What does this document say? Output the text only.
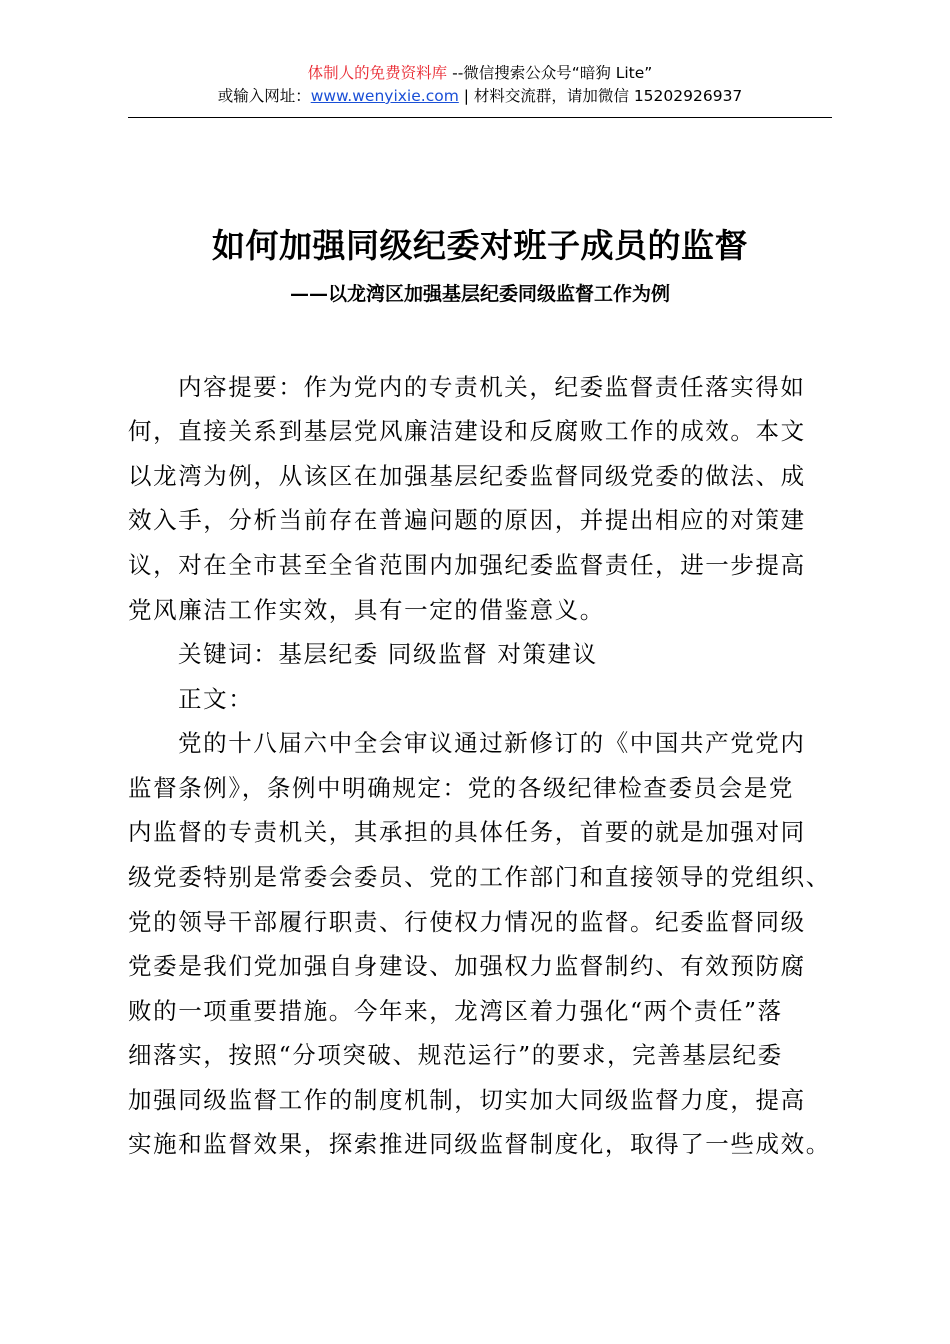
体制人的免费资料库 --微信搜索公众号“暗狗 Lite”
或输入网址：www.wenyixie.com | 材料交流群，请加微信 15202926937
如何加强同级纪委对班子成员的监督
——以龙湾区加强基层纪委同级监督工作为例
内容提要：作为党内的专责机关，纪委监督责任落实得如
何，直接关系到基层党风廉洁建设和反腐败工作的成效。本文
以龙湾为例，从该区在加强基层纪委监督同级党委的做法、成
效入手，分析当前存在普遍问题的原因，并提出相应的对策建
议，对在全市甚至全省范围内加强纪委监督责任，进一步提高
党风廉洁工作实效，具有一定的借鉴意义。
关键词：基层纪委 同级监督 对策建议
正文：
党的十八届六中全会审议通过新修订的《中国共产党党内
监督条例》，条例中明确规定：党的各级纪律检查委员会是党
内监督的专责机关，其承担的具体任务，首要的就是加强对同
级党委特别是常委会委员、党的工作部门和直接领导的党组织、
党的领导干部履行职责、行使权力情况的监督。纪委监督同级
党委是我们党加强自身建设、加强权力监督制约、有效预防腐
败的一项重要措施。今年来，龙湾区着力强化“两个责任”落
细落实，按照“分项突破、规范运行”的要求，完善基层纪委
加强同级监督工作的制度机制，切实加大同级监督力度，提高
实施和监督效果，探索推进同级监督制度化，取得了一些成效。
